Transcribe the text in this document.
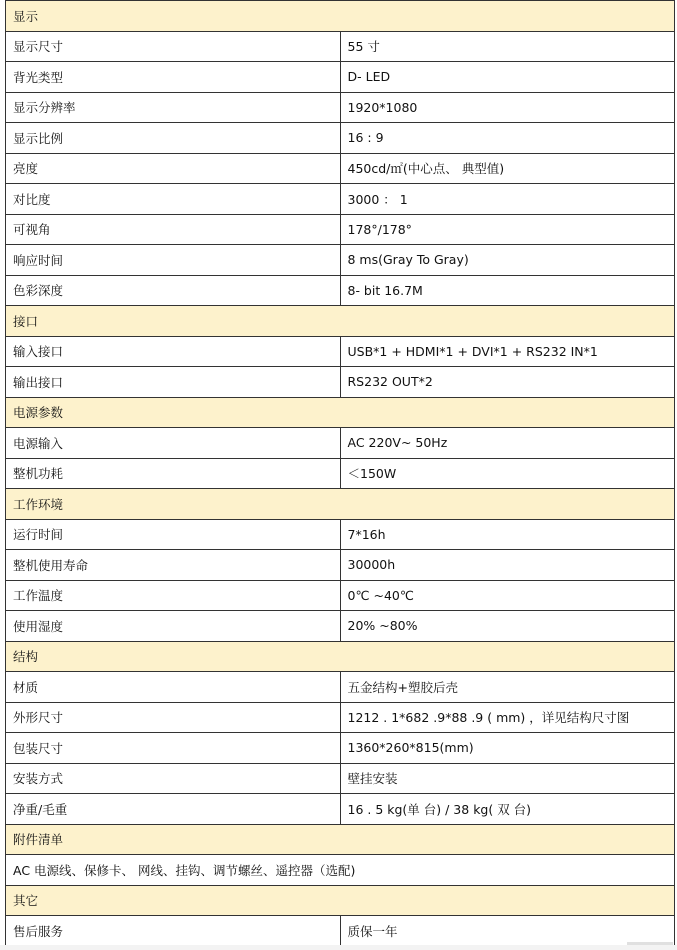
显示	
显示尺寸	55 寸
背光类型	D- LED
显示分辨率	1920*1080
显示比例	16 : 9
亮度	450cd/㎡(中心点、 典型值)
对比度	3000 ： 1
可视角	178°/178°
响应时间	8 ms(Gray To Gray)
色彩深度	8- bit 16.7M
接口	
输入接口	USB*1 + HDMI*1 + DVI*1 + RS232 IN*1
输出接口	RS232 OUT*2
电源参数	
电源输入	AC 220V~ 50Hz
整机功耗	＜150W
工作环境	
运行时间	7*16h
整机使用寿命	30000h
工作温度	0℃ ~40℃
使用湿度	20% ~80%
结构	
材质	五金结构+塑胶后壳
外形尺寸	1212 . 1*682 .9*88 .9 ( mm) ，详见结构尺寸图
包装尺寸	1360*260*815(mm)
安装方式	壁挂安装
净重/毛重	16 . 5 kg(单 台) / 38 kg( 双 台)
附件清单	
AC 电源线、保修卡、 网线、挂钩、调节螺丝、遥控器（选配)	
其它	
售后服务	质保一年
